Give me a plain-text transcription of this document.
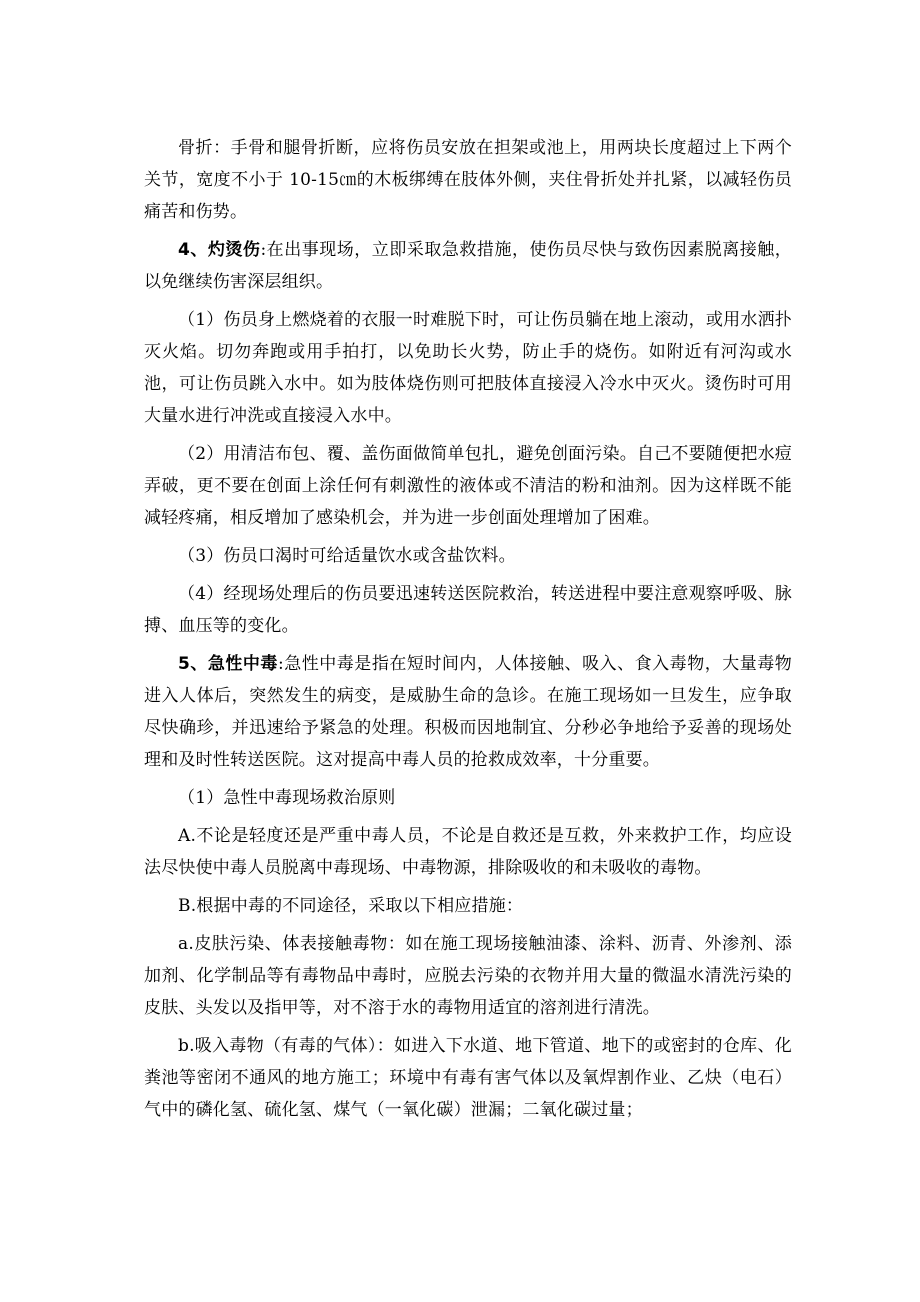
骨折：手骨和腿骨折断，应将伤员安放在担架或池上，用两块长度超过上下两个关节，宽度不小于 10-15㎝的木板绑缚在肢体外侧，夹住骨折处并扎紧，以减轻伤员痛苦和伤势。

4、灼烫伤:在出事现场，立即采取急救措施，使伤员尽快与致伤因素脱离接触，以免继续伤害深层组织。

（1）伤员身上燃烧着的衣服一时难脱下时，可让伤员躺在地上滚动，或用水洒扑灭火焰。切勿奔跑或用手拍打，以免助长火势，防止手的烧伤。如附近有河沟或水池，可让伤员跳入水中。如为肢体烧伤则可把肢体直接浸入冷水中灭火。烫伤时可用大量水进行冲洗或直接浸入水中。

（2）用清洁布包、覆、盖伤面做简单包扎，避免创面污染。自己不要随便把水痘弄破，更不要在创面上涂任何有刺激性的液体或不清洁的粉和油剂。因为这样既不能减轻疼痛，相反增加了感染机会，并为进一步创面处理增加了困难。

（3）伤员口渴时可给适量饮水或含盐饮料。

（4）经现场处理后的伤员要迅速转送医院救治，转送进程中要注意观察呼吸、脉搏、血压等的变化。

5、急性中毒:急性中毒是指在短时间内，人体接触、吸入、食入毒物，大量毒物进入人体后，突然发生的病变，是威胁生命的急诊。在施工现场如一旦发生，应争取尽快确珍，并迅速给予紧急的处理。积极而因地制宜、分秒必争地给予妥善的现场处理和及时性转送医院。这对提高中毒人员的抢救成效率，十分重要。

（1）急性中毒现场救治原则

A.不论是轻度还是严重中毒人员，不论是自救还是互救，外来救护工作，均应设法尽快使中毒人员脱离中毒现场、中毒物源，排除吸收的和未吸收的毒物。

B.根据中毒的不同途径，采取以下相应措施：

a.皮肤污染、体表接触毒物：如在施工现场接触油漆、涂料、沥青、外渗剂、添加剂、化学制品等有毒物品中毒时，应脱去污染的衣物并用大量的微温水清洗污染的皮肤、头发以及指甲等，对不溶于水的毒物用适宜的溶剂进行清洗。

b.吸入毒物（有毒的气体）：如进入下水道、地下管道、地下的或密封的仓库、化粪池等密闭不通风的地方施工；环境中有毒有害气体以及氧焊割作业、乙炔（电石）气中的磷化氢、硫化氢、煤气（一氧化碳）泄漏；二氧化碳过量；
